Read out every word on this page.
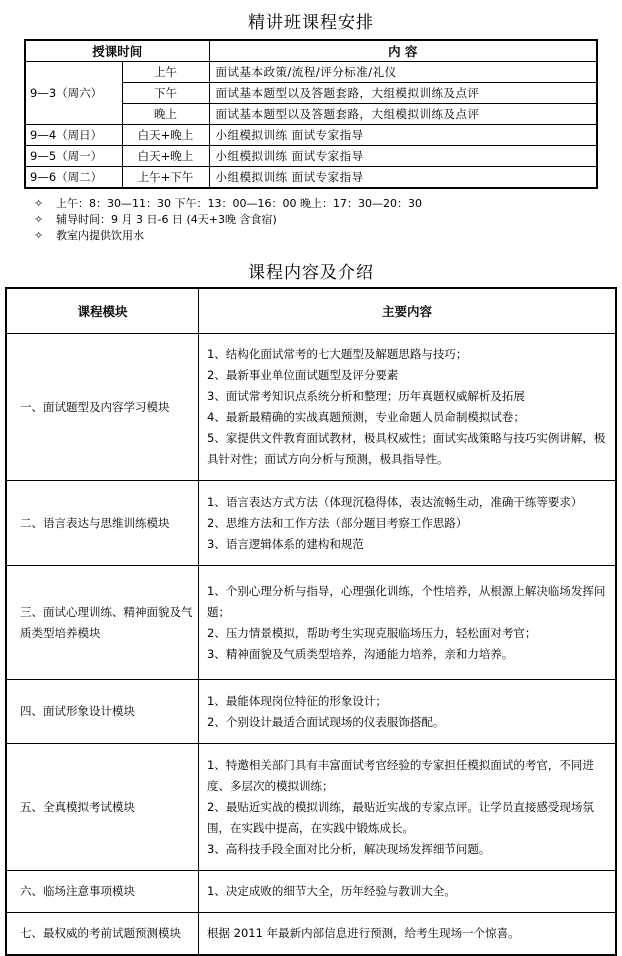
精讲班课程安排
授课时间		内 容
9—3（周六）	上午	面试基本政策/流程/评分标准/礼仪
	下午	面试基本题型以及答题套路，大组模拟训练及点评
	晚上	面试基本题型以及答题套路，大组模拟训练及点评
9—4（周日）	白天+晚上	小组模拟训练 面试专家指导
9—5（周一）	白天+晚上	小组模拟训练 面试专家指导
9—6（周二）	上午+下午	小组模拟训练 面试专家指导
✧ 上午：8：30—11：30 下午：13：00—16：00 晚上：17：30—20：30
✧ 辅导时间：9 月 3 日-6 日 (4天+3晚 含食宿)
✧ 教室内提供饮用水
课程内容及介绍
课程模块	主要内容
一、面试题型及内容学习模块	1、结构化面试常考的七大题型及解题思路与技巧；
2、最新事业单位面试题型及评分要素
3、面试常考知识点系统分析和整理；历年真题权威解析及拓展
4、最新最精确的实战真题预测，专业命题人员命制模拟试卷；
5、家提供文件教育面试教材，极具权威性；面试实战策略与技巧实例讲解，极具针对性；面试方向分析与预测，极具指导性。

二、语言表达与思维训练模块	1、语言表达方式方法（体现沉稳得体，表达流畅生动，准确干练等要求）
2、思维方法和工作方法（部分题目考察工作思路）
3、语言逻辑体系的建构和规范

三、面试心理训练、精神面貌及气质类型培养模块	1、个别心理分析与指导，心理强化训练，个性培养，从根源上解决临场发挥问题；
2、压力情景模拟，帮助考生实现克服临场压力，轻松面对考官；
3、精神面貌及气质类型培养，沟通能力培养，亲和力培养。

四、面试形象设计模块	1、最能体现岗位特征的形象设计；
2、个别设计最适合面试现场的仪表服饰搭配。

五、全真模拟考试模块	1、特邀相关部门具有丰富面试考官经验的专家担任模拟面试的考官，不同进度、多层次的模拟训练；
2、最贴近实战的模拟训练，最贴近实战的专家点评。让学员直接感受现场氛围，在实践中提高，在实践中锻炼成长。
3、高科技手段全面对比分析，解决现场发挥细节问题。

六、临场注意事项模块	1、决定成败的细节大全，历年经验与教训大全。

七、最权威的考前试题预测模块	根据 2011 年最新内部信息进行预测，给考生现场一个惊喜。
